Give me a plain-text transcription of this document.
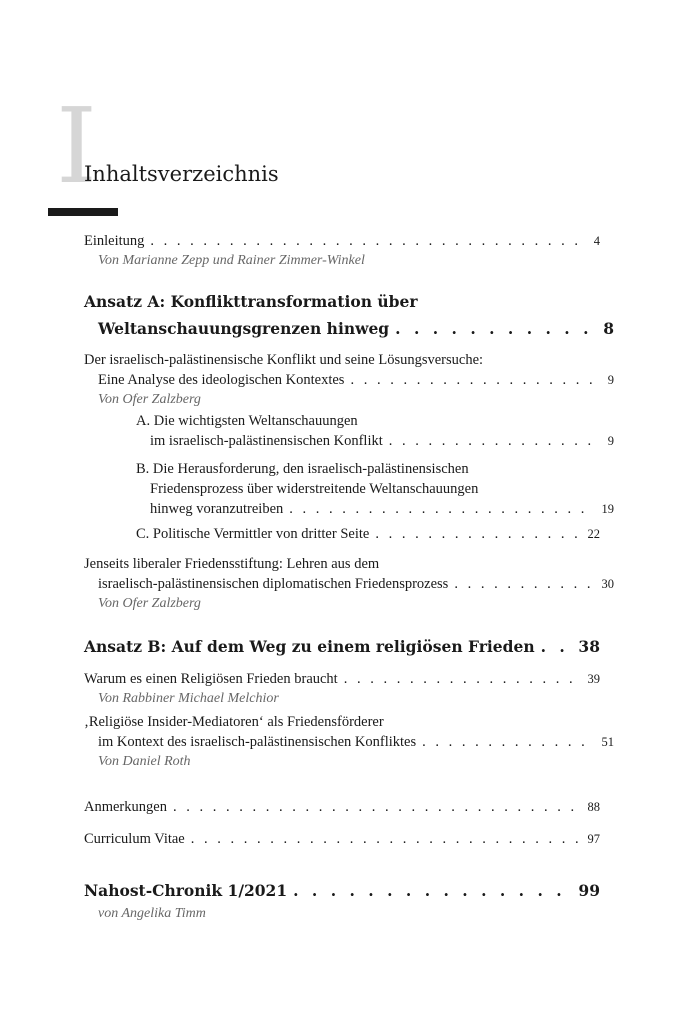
I
Inhaltsverzeichnis
Einleitung . . .	4
Von Marianne Zepp und Rainer Zimmer-Winkel
Ansatz A: Konflikttransformation über
Weltanschauungsgrenzen hinweg . . .	8
Der israelisch-palästinensische Konflikt und seine Lösungsversuche:
Eine Analyse des ideologischen Kontextes . . .	9
Von Ofer Zalzberg
A. Die wichtigsten Weltanschauungen
im israelisch-palästinensischen Konflikt . . .	9
B. Die Herausforderung, den israelisch-palästinensischen
Friedensprozess über widerstreitende Weltanschauungen
hinweg voranzutreiben . . .	19
C. Politische Vermittler von dritter Seite . . .	22
Jenseits liberaler Friedensstiftung: Lehren aus dem
israelisch-palästinensischen diplomatischen Friedensprozess . . .	30
Von Ofer Zalzberg
Ansatz B: Auf dem Weg zu einem religiösen Frieden . . .	38
Warum es einen Religiösen Frieden braucht . . .	39
Von Rabbiner Michael Melchior
‚Religiöse Insider-Mediatoren‘ als Friedensförderer
im Kontext des israelisch-palästinensischen Konfliktes . . .	51
Von Daniel Roth
Anmerkungen . . .	88
Curriculum Vitae . . .	97
Nahost-Chronik 1/2021 . . .	99
von Angelika Timm
